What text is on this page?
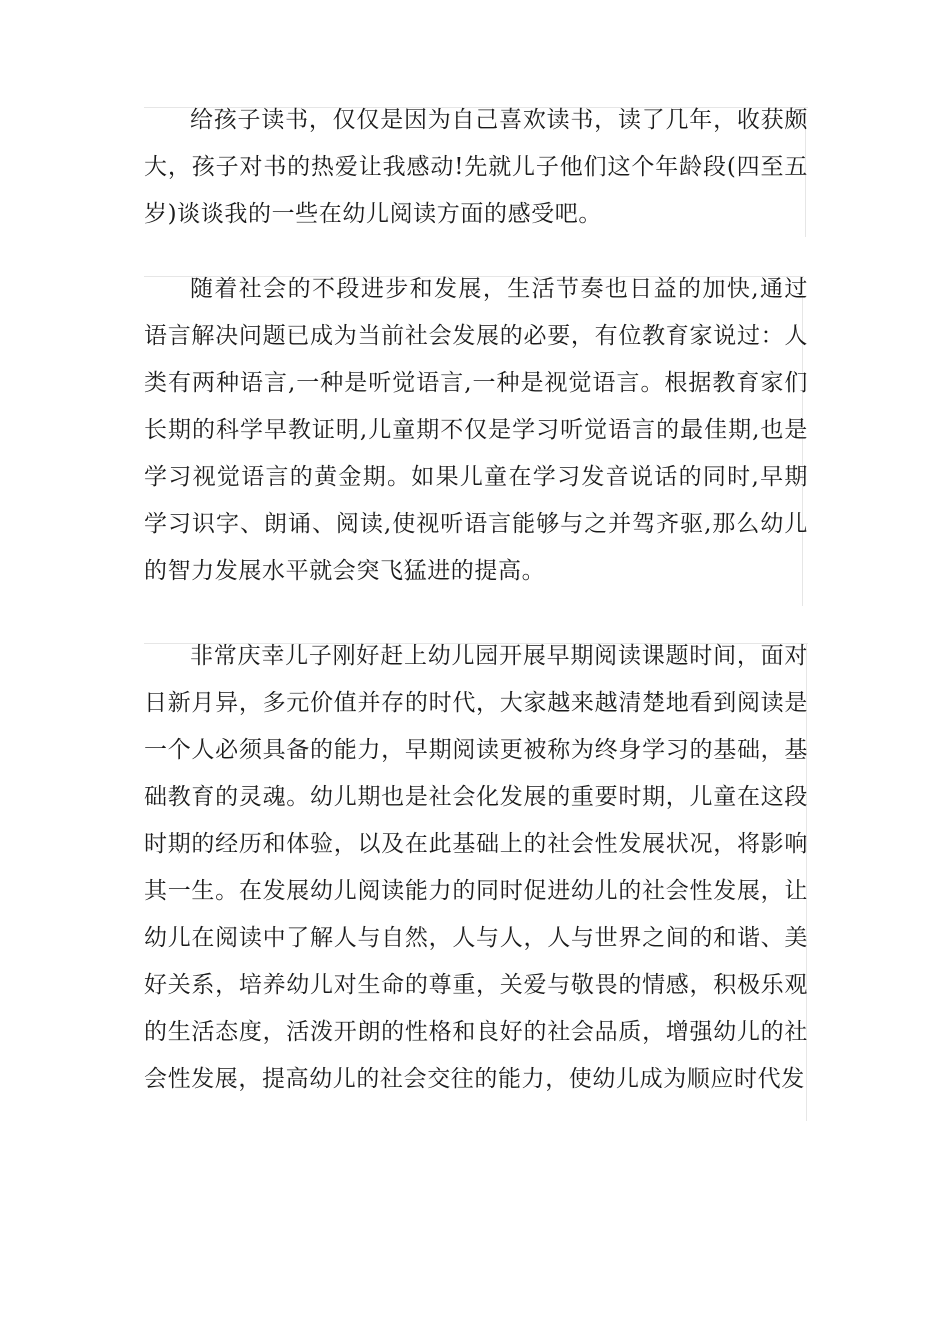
给孩子读书，仅仅是因为自己喜欢读书，读了几年，收获颇大，孩子对书的热爱让我感动!先就儿子他们这个年龄段(四至五岁)谈谈我的一些在幼儿阅读方面的感受吧。

随着社会的不段进步和发展，生活节奏也日益的加快,通过语言解决问题已成为当前社会发展的必要，有位教育家说过：人类有两种语言,一种是听觉语言,一种是视觉语言。根据教育家们长期的科学早教证明,儿童期不仅是学习听觉语言的最佳期,也是学习视觉语言的黄金期。如果儿童在学习发音说话的同时,早期学习识字、朗诵、阅读,使视听语言能够与之并驾齐驱,那么幼儿的智力发展水平就会突飞猛进的提高。

非常庆幸儿子刚好赶上幼儿园开展早期阅读课题时间，面对日新月异，多元价值并存的时代，大家越来越清楚地看到阅读是一个人必须具备的能力，早期阅读更被称为终身学习的基础，基础教育的灵魂。幼儿期也是社会化发展的重要时期，儿童在这段时期的经历和体验，以及在此基础上的社会性发展状况，将影响其一生。在发展幼儿阅读能力的同时促进幼儿的社会性发展，让幼儿在阅读中了解人与自然，人与人，人与世界之间的和谐、美好关系，培养幼儿对生命的尊重，关爱与敬畏的情感，积极乐观的生活态度，活泼开朗的性格和良好的社会品质，增强幼儿的社会性发展，提高幼儿的社会交往的能力，使幼儿成为顺应时代发
